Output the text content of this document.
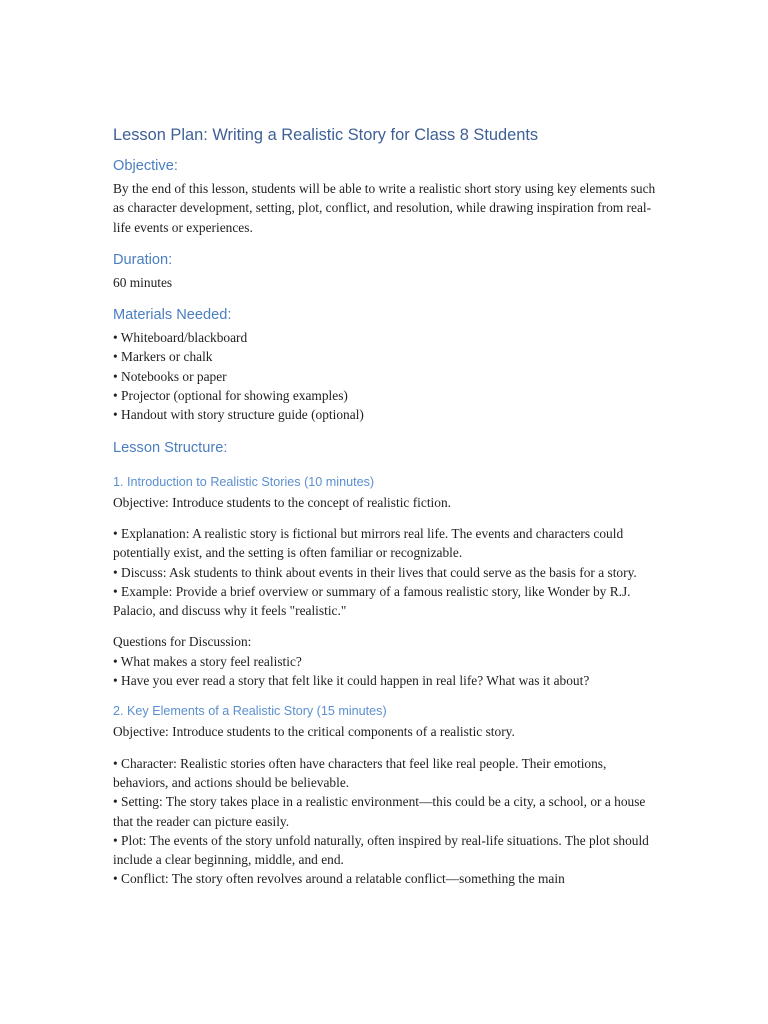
Lesson Plan: Writing a Realistic Story for Class 8 Students
Objective:

By the end of this lesson, students will be able to write a realistic short story using key elements such as character development, setting, plot, conflict, and resolution, while drawing inspiration from real-life events or experiences.

Duration:

60 minutes

Materials Needed:
• Whiteboard/blackboard
• Markers or chalk
• Notebooks or paper
• Projector (optional for showing examples)
• Handout with story structure guide (optional)
Lesson Structure:
1. Introduction to Realistic Stories (10 minutes)

Objective: Introduce students to the concept of realistic fiction.

• Explanation: A realistic story is fictional but mirrors real life. The events and characters could potentially exist, and the setting is often familiar or recognizable.

• Discuss: Ask students to think about events in their lives that could serve as the basis for a story.

• Example: Provide a brief overview or summary of a famous realistic story, like Wonder by R.J. Palacio, and discuss why it feels "realistic."

Questions for Discussion:

• What makes a story feel realistic?

• Have you ever read a story that felt like it could happen in real life? What was it about?

2. Key Elements of a Realistic Story (15 minutes)

Objective: Introduce students to the critical components of a realistic story.

• Character: Realistic stories often have characters that feel like real people. Their emotions, behaviors, and actions should be believable.

• Setting: The story takes place in a realistic environment—this could be a city, a school, or a house that the reader can picture easily.

• Plot: The events of the story unfold naturally, often inspired by real-life situations. The plot should include a clear beginning, middle, and end.

• Conflict: The story often revolves around a relatable conflict—something the main
